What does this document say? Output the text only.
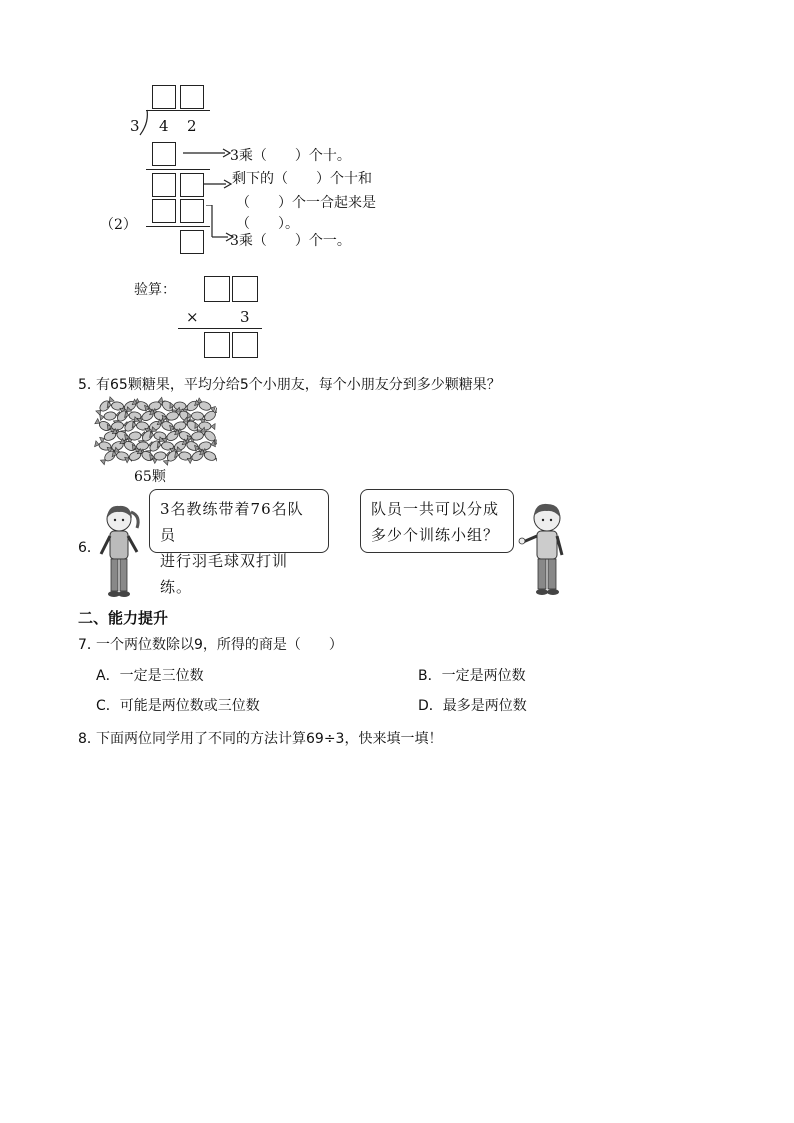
3 4 2
3乘（　　）个十。
剩下的（　　）个十和
（　　）个一合起来是
（　　）。
（2）
3乘（　　）个一。
验算：
×	3
5．
有65颗糖果，平均分给5个小朋友，每个小朋友分到多少颗糖果？
65颗
6．
3名教练带着76名队员
进行羽毛球双打训练。
队员一共可以分成
多少个训练小组？
二、能力提升
7．
一个两位数除以9，所得的商是（　　）
A．一定是三位数	B．一定是两位数
C．可能是两位数或三位数	D．最多是两位数
8．
下面两位同学用了不同的方法计算69÷3，快来填一填！
